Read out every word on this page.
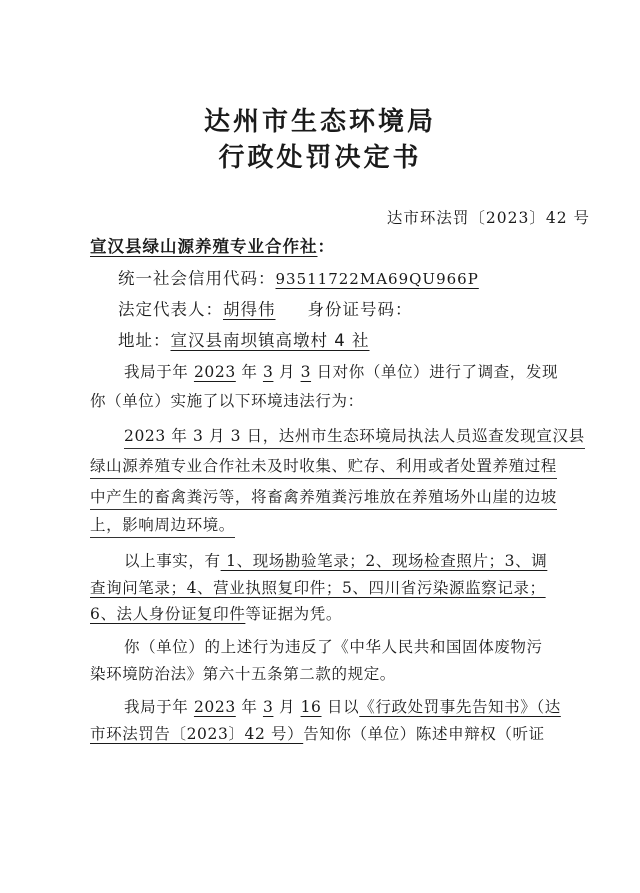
达州市生态环境局
行政处罚决定书
达市环法罚〔2023〕42 号
宣汉县绿山源养殖专业合作社：
统一社会信用代码：93511722MA69QU966P
法定代表人：胡得伟 身份证号码：
地址：宣汉县南坝镇高墩村 4 社
我局于年 2023 年 3 月 3 日对你（单位）进行了调查，发现
你（单位）实施了以下环境违法行为：
2023 年 3 月 3 日，达州市生态环境局执法人员巡查发现宣汉县
绿山源养殖专业合作社未及时收集、贮存、利用或者处置养殖过程
中产生的畜禽粪污等，将畜禽养殖粪污堆放在养殖场外山崖的边坡
上，影响周边环境。
以上事实，有 1、现场勘验笔录；2、现场检查照片；3、调
查询问笔录；4、营业执照复印件；5、四川省污染源监察记录；
6、法人身份证复印件等证据为凭。
你（单位）的上述行为违反了《中华人民共和国固体废物污
染环境防治法》第六十五条第二款的规定。
我局于年 2023 年 3 月 16 日以《行政处罚事先告知书》（达
市环法罚告〔2023〕42 号）告知你（单位）陈述申辩权（听证
